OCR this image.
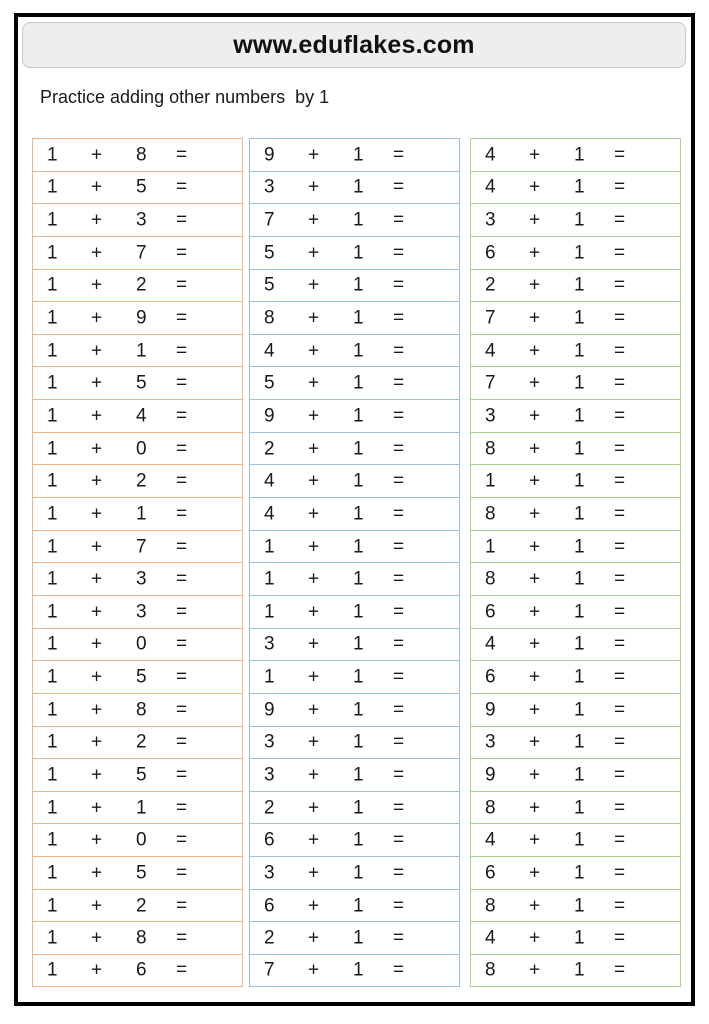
www.eduflakes.com
Practice adding other numbers  by 1
1 + 8 =
1 + 5 =
1 + 3 =
1 + 7 =
1 + 2 =
1 + 9 =
1 + 1 =
1 + 5 =
1 + 4 =
1 + 0 =
1 + 2 =
1 + 1 =
1 + 7 =
1 + 3 =
1 + 3 =
1 + 0 =
1 + 5 =
1 + 8 =
1 + 2 =
1 + 5 =
1 + 1 =
1 + 0 =
1 + 5 =
1 + 2 =
1 + 8 =
1 + 6 =
9 + 1 =
3 + 1 =
7 + 1 =
5 + 1 =
5 + 1 =
8 + 1 =
4 + 1 =
5 + 1 =
9 + 1 =
2 + 1 =
4 + 1 =
4 + 1 =
1 + 1 =
1 + 1 =
1 + 1 =
3 + 1 =
1 + 1 =
9 + 1 =
3 + 1 =
3 + 1 =
2 + 1 =
6 + 1 =
3 + 1 =
6 + 1 =
2 + 1 =
7 + 1 =
4 + 1 =
4 + 1 =
3 + 1 =
6 + 1 =
2 + 1 =
7 + 1 =
4 + 1 =
7 + 1 =
3 + 1 =
8 + 1 =
1 + 1 =
8 + 1 =
1 + 1 =
8 + 1 =
6 + 1 =
4 + 1 =
6 + 1 =
9 + 1 =
3 + 1 =
9 + 1 =
8 + 1 =
4 + 1 =
6 + 1 =
8 + 1 =
4 + 1 =
8 + 1 =
